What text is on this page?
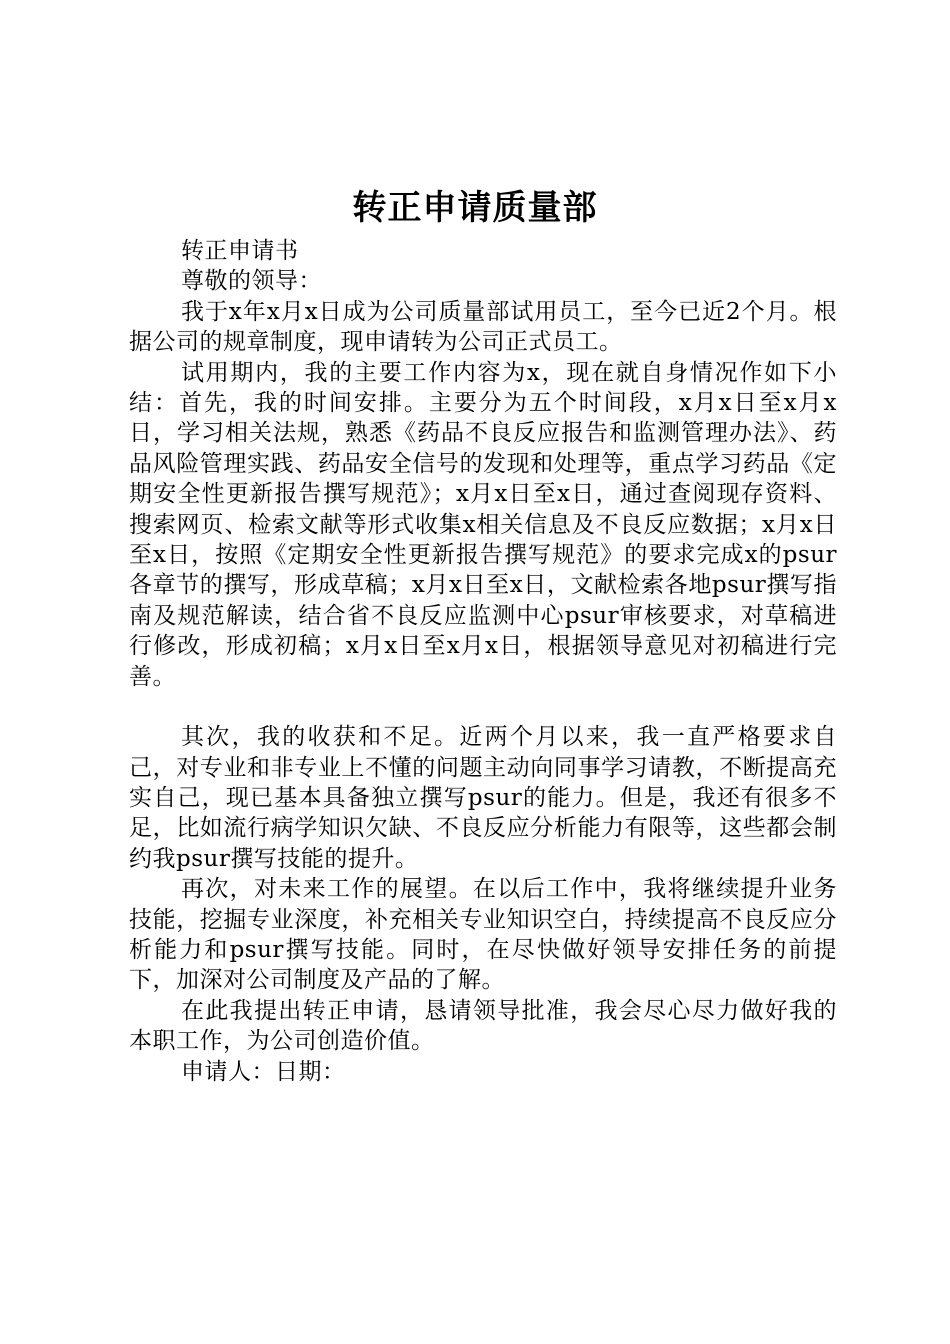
转正申请质量部

转正申请书

尊敬的领导：

我于x年x月x日成为公司质量部试用员工，至今已近2个月。根据公司的规章制度，现申请转为公司正式员工。

试用期内，我的主要工作内容为x，现在就自身情况作如下小结：首先，我的时间安排。主要分为五个时间段，x月x日至x月x日，学习相关法规，熟悉《药品不良反应报告和监测管理办法》、药品风险管理实践、药品安全信号的发现和处理等，重点学习药品《定期安全性更新报告撰写规范》；x月x日至x日，通过查阅现存资料、搜索网页、检索文献等形式收集x相关信息及不良反应数据；x月x日至x日，按照《定期安全性更新报告撰写规范》的要求完成x的psur各章节的撰写，形成草稿；x月x日至x日，文献检索各地psur撰写指南及规范解读，结合省不良反应监测中心psur审核要求，对草稿进行修改，形成初稿；x月x日至x月x日，根据领导意见对初稿进行完善。

其次，我的收获和不足。近两个月以来，我一直严格要求自己，对专业和非专业上不懂的问题主动向同事学习请教，不断提高充实自己，现已基本具备独立撰写psur的能力。但是，我还有很多不足，比如流行病学知识欠缺、不良反应分析能力有限等，这些都会制约我psur撰写技能的提升。

再次，对未来工作的展望。在以后工作中，我将继续提升业务技能，挖掘专业深度，补充相关专业知识空白，持续提高不良反应分析能力和psur撰写技能。同时，在尽快做好领导安排任务的前提下，加深对公司制度及产品的了解。

在此我提出转正申请，恳请领导批准，我会尽心尽力做好我的本职工作，为公司创造价值。

申请人：日期：
